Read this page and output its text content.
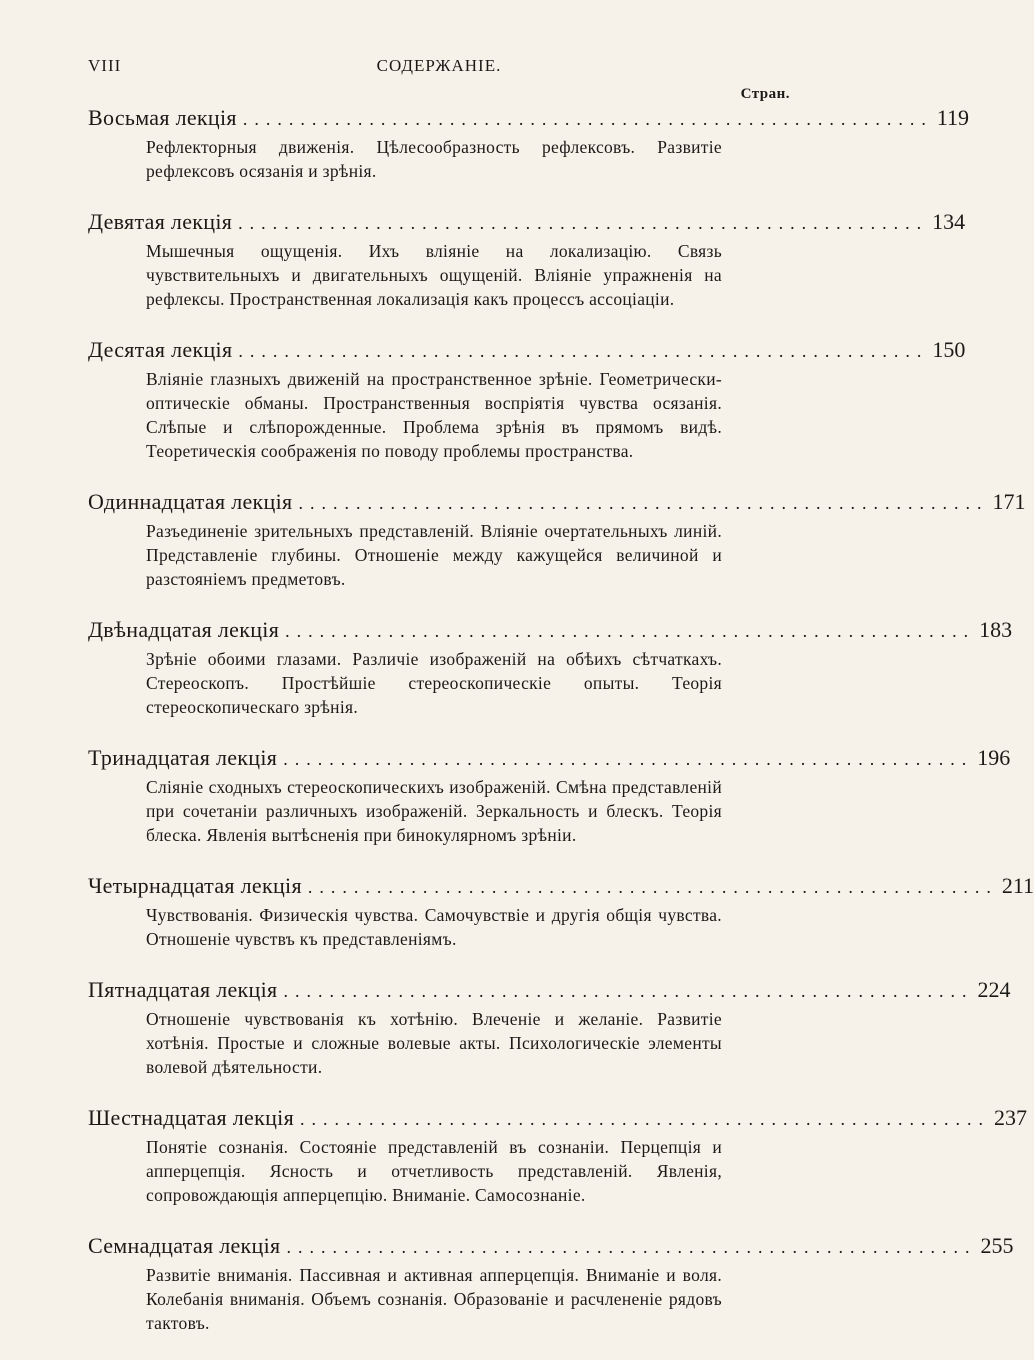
VIII	СОДЕРЖАНІЕ.
Стран.
Восьмая лекція ............................................................ 119
Рефлекторныя движенія. Цѣлесообразность рефлексовъ. Развитіе рефлексовъ осязанія и зрѣнія.
Девятая лекція ............................................................ 134
Мышечныя ощущенія. Ихъ вліяніе на локализацію. Связь чувствительныхъ и двигательныхъ ощущеній. Вліяніе упражненія на рефлексы. Пространственная локализація какъ процессъ ассоціаціи.
Десятая лекція ............................................................ 150
Вліяніе глазныхъ движеній на пространственное зрѣніе. Геометрически-оптическіе обманы. Пространственныя воспріятія чувства осязанія. Слѣпые и слѣпорожденные. Проблема зрѣнія въ прямомъ видѣ. Теоретическія соображенія по поводу проблемы пространства.
Одиннадцатая лекція ............................................................ 171
Разъединеніе зрительныхъ представленій. Вліяніе очертательныхъ линій. Представленіе глубины. Отношеніе между кажущейся величиной и разстояніемъ предметовъ.
Двѣнадцатая лекція ............................................................ 183
Зрѣніе обоими глазами. Различіе изображеній на обѣихъ сѣтчаткахъ. Стереоскопъ. Простѣйшіе стереоскопическіе опыты. Теорія стереоскопическаго зрѣнія.
Тринадцатая лекція ............................................................ 196
Сліяніе сходныхъ стереоскопическихъ изображеній. Смѣна представленій при сочетаніи различныхъ изображеній. Зеркальность и блескъ. Теорія блеска. Явленія вытѣсненія при бинокулярномъ зрѣніи.
Четырнадцатая лекція ............................................................ 211
Чувствованія. Физическія чувства. Самочувствіе и другія общія чувства. Отношеніе чувствъ къ представленіямъ.
Пятнадцатая лекція ............................................................ 224
Отношеніе чувствованія къ хотѣнію. Влеченіе и желаніе. Развитіе хотѣнія. Простые и сложные волевые акты. Психологическіе элементы волевой дѣятельности.
Шестнадцатая лекція ............................................................ 237
Понятіе сознанія. Состояніе представленій въ сознаніи. Перцепція и апперцепція. Ясность и отчетливость представленій. Явленія, сопровождающія апперцепцію. Вниманіе. Самосознаніе.
Семнадцатая лекція ............................................................ 255
Развитіе вниманія. Пассивная и активная апперцепція. Вниманіе и воля. Колебанія вниманія. Объемъ сознанія. Образованіе и расчлененіе рядовъ тактовъ.
